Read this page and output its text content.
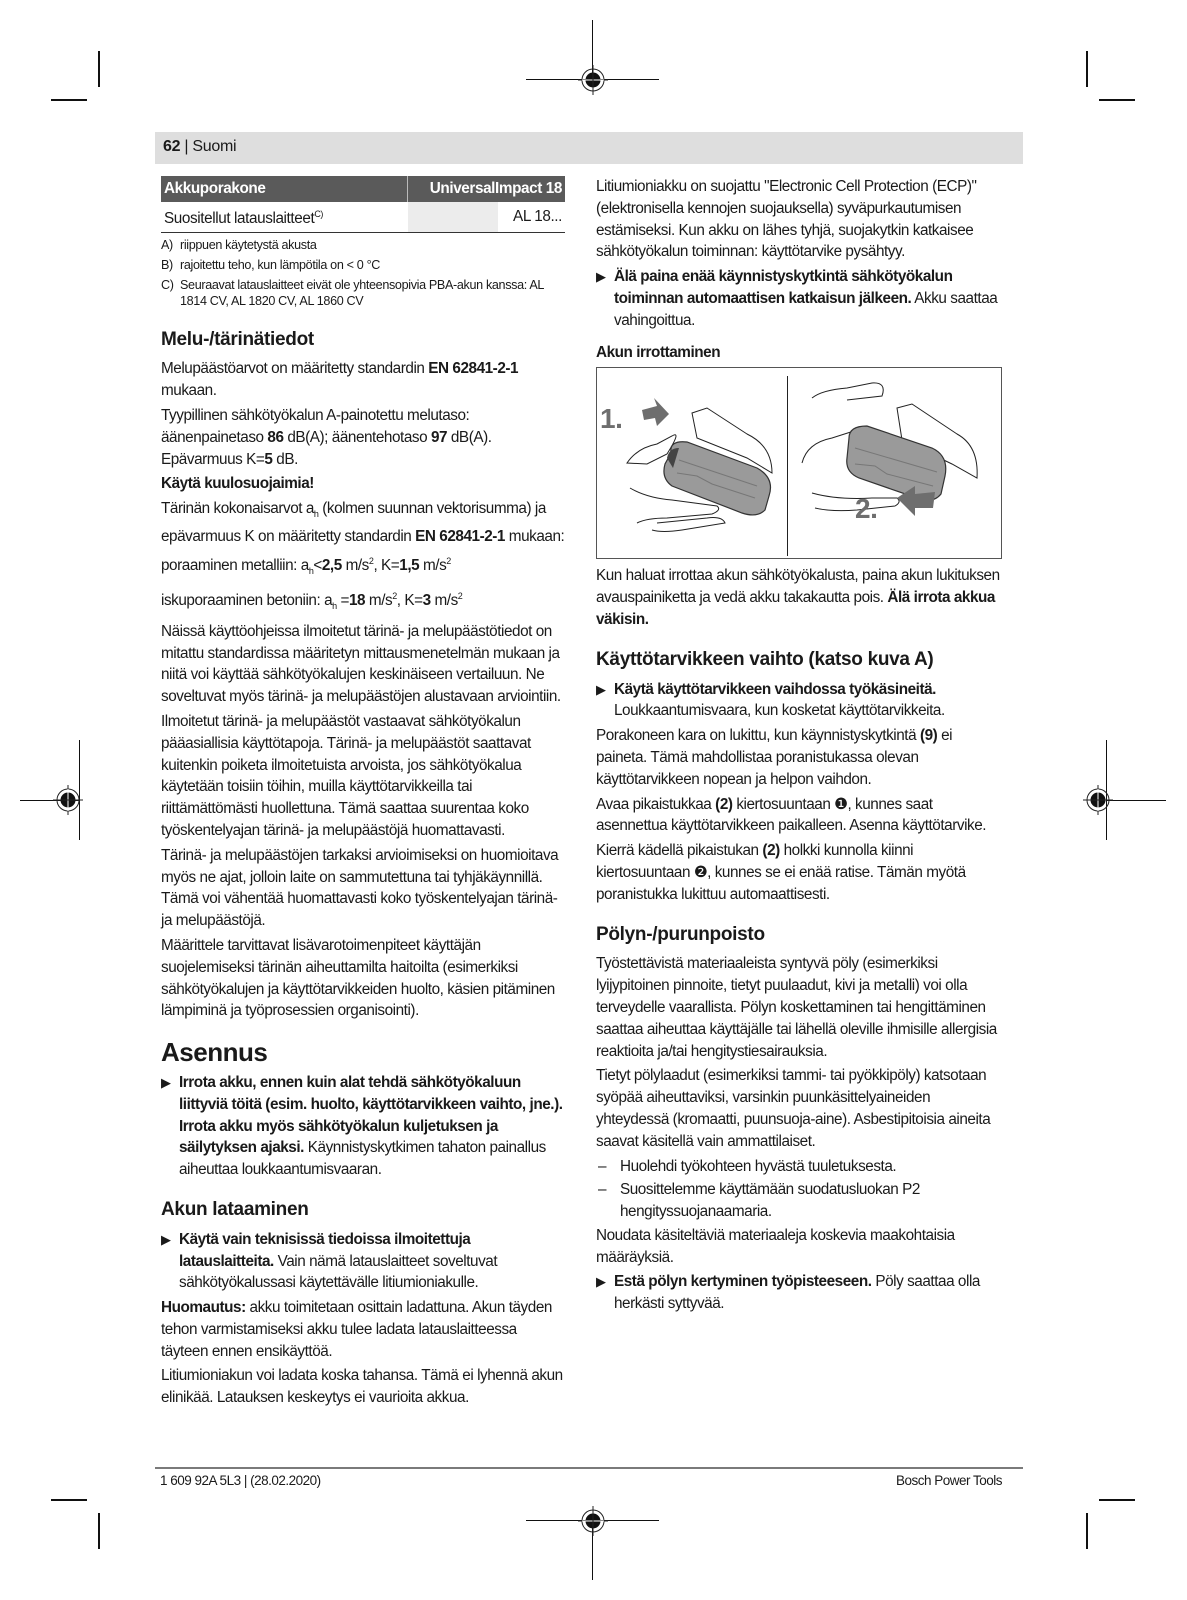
62 | Suomi
Akkuporakone	UniversalImpact 18	
Suositellut latauslaitteet$^{C)}$		AL 18...
A) riippuen käytetystä akusta
B) rajoitettu teho, kun lämpötila on < 0 °C
C) Seuraavat latauslaitteet eivät ole yhteensopivia PBA-akun kanssa: AL 1814 CV, AL 1820 CV, AL 1860 CV
Melu-/tärinätiedot

Melupäästöarvot on määritetty standardin EN 62841-2-1 mukaan.

Tyypillinen sähkötyökalun A-painotettu melutaso: äänenpainetaso 86 dB(A); äänentehotaso 97 dB(A). Epävarmuus K=5 dB.

Käytä kuulosuojaimia!

Tärinän kokonaisarvot $a_h$ (kolmen suunnan vektorisumma) ja epävarmuus K on määritetty standardin EN 62841-2-1 mukaan:

poraaminen metalliin: $a_h<2,5$ $m/s^2$, K=1,5 $m/s^2$

iskuporaaminen betoniin: $a_h =18$ $m/s^2$, K=3 $m/s^2$

Näissä käyttöohjeissa ilmoitetut tärinä- ja melupäästötiedot on mitattu standardissa määritetyn mittausmenetelmän mukaan ja niitä voi käyttää sähkötyökalujen keskinäiseen vertailuun. Ne soveltuvat myös tärinä- ja melupäästöjen alustavaan arviointiin.

Ilmoitetut tärinä- ja melupäästöt vastaavat sähkötyökalun pääasiallisia käyttötapoja. Tärinä- ja melupäästöt saattavat kuitenkin poiketa ilmoitetuista arvoista, jos sähkötyökalua käytetään toisiin töihin, muilla käyttötarvikkeilla tai riittämättömästi huollettuna. Tämä saattaa suurentaa koko työskentelyajan tärinä- ja melupäästöjä huomattavasti.

Tärinä- ja melupäästöjen tarkaksi arvioimiseksi on huomioitava myös ne ajat, jolloin laite on sammutettuna tai tyhjäkäynnillä. Tämä voi vähentää huomattavasti koko työskentelyajan tärinä- ja melupäästöjä.

Määrittele tarvittavat lisävarotoimenpiteet käyttäjän suojelemiseksi tärinän aiheuttamilta haitoilta (esimerkiksi sähkötyökalujen ja käyttötarvikkeiden huolto, käsien pitäminen lämpiminä ja työprosessien organisointi).

Asennus
▶ Irrota akku, ennen kuin alat tehdä sähkötyökaluun liittyviä töitä (esim. huolto, käyttötarvikkeen vaihto, jne.). Irrota akku myös sähkötyökalun kuljetuksen ja säilytyksen ajaksi. Käynnistyskytkimen tahaton painallus aiheuttaa loukkaantumisvaaran.
Akun lataaminen
▶ Käytä vain teknisissä tiedoissa ilmoitettuja latauslaitteita. Vain nämä latauslaitteet soveltuvat sähkötyökalussasi käytettävälle litiumioniakulle.

Huomautus: akku toimitetaan osittain ladattuna. Akun täyden tehon varmistamiseksi akku tulee ladata latauslaitteessa täyteen ennen ensikäyttöä.

Litiumioniakun voi ladata koska tahansa. Tämä ei lyhennä akun elinikää. Latauksen keskeytys ei vaurioita akkua.

Litiumioniakku on suojattu "Electronic Cell Protection (ECP)" (elektronisella kennojen suojauksella) syväpurkautumisen estämiseksi. Kun akku on lähes tyhjä, suojakytkin katkaisee sähkötyökalun toiminnan: käyttötarvike pysähtyy.

▶ Älä paina enää käynnistyskytkintä sähkötyökalun toiminnan automaattisen katkaisun jälkeen. Akku saattaa vahingoittua.
Akun irrottaminen
1.
2.

Kun haluat irrottaa akun sähkötyökalusta, paina akun lukituksen avauspainiketta ja vedä akku takakautta pois. Älä irrota akkua väkisin.

Käyttötarvikkeen vaihto (katso kuva A)
▶ Käytä käyttötarvikkeen vaihdossa työkäsineitä. Loukkaantumisvaara, kun kosketat käyttötarvikkeita.

Porakoneen kara on lukittu, kun käynnistyskytkintä (9) ei paineta. Tämä mahdollistaa poranistukassa olevan käyttötarvikkeen nopean ja helpon vaihdon.

Avaa pikaistukkaa (2) kiertosuuntaan ❶, kunnes saat asennettua käyttötarvikkeen paikalleen. Asenna käyttötarvike.

Kierrä kädellä pikaistukan (2) holkki kunnolla kiinni kiertosuuntaan ❷, kunnes se ei enää ratise. Tämän myötä poranistukka lukittuu automaattisesti.

Pölyn-/purunpoisto

Työstettävistä materiaaleista syntyvä pöly (esimerkiksi lyijypitoinen pinnoite, tietyt puulaadut, kivi ja metalli) voi olla terveydelle vaarallista. Pölyn koskettaminen tai hengittäminen saattaa aiheuttaa käyttäjälle tai lähellä oleville ihmisille allergisia reaktioita ja/tai hengitystiesairauksia.

Tietyt pölylaadut (esimerkiksi tammi- tai pyökkipöly) katsotaan syöpää aiheuttaviksi, varsinkin puunkäsittelyaineiden yhteydessä (kromaatti, puunsuoja-aine). Asbestipitoisia aineita saavat käsitellä vain ammattilaiset.

– Huolehdi työkohteen hyvästä tuuletuksesta.
– Suosittelemme käyttämään suodatusluokan P2 hengityssuojanaamaria.

Noudata käsiteltäviä materiaaleja koskevia maakohtaisia määräyksiä.

▶ Estä pölyn kertyminen työpisteeseen. Pöly saattaa olla herkästi syttyvää.
1 609 92A 5L3 | (28.02.2020)	Bosch Power Tools
